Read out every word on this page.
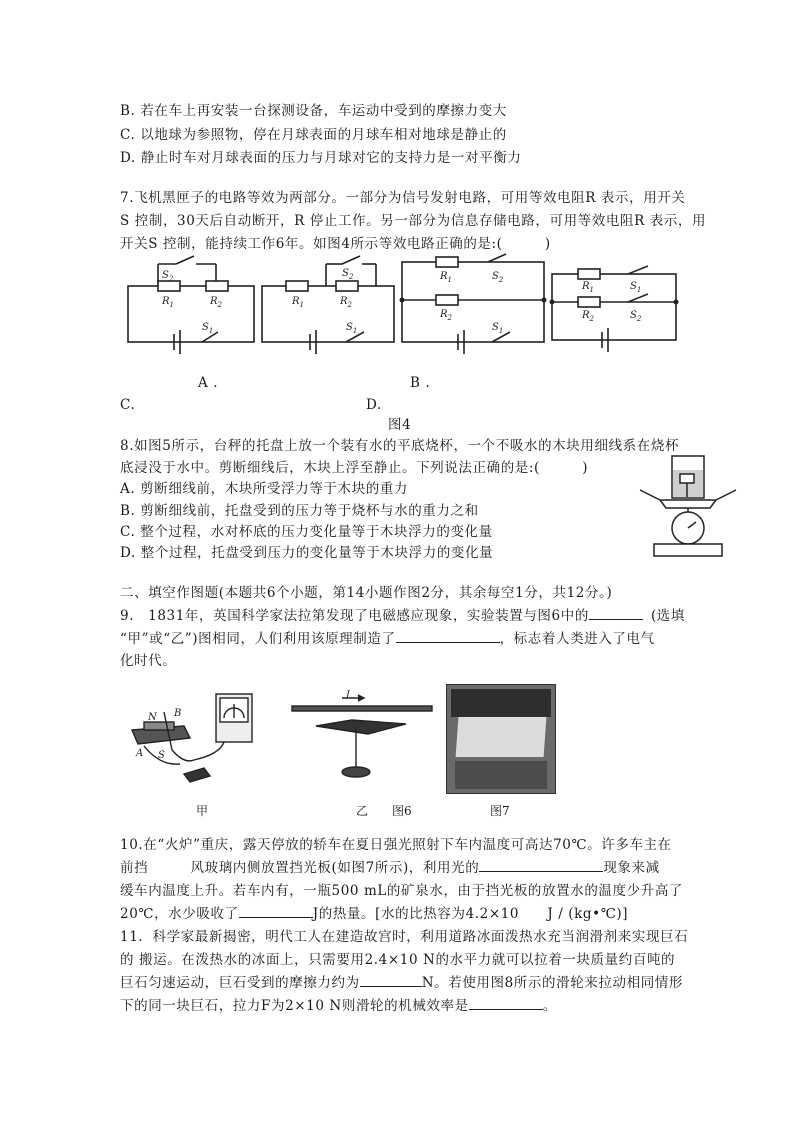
B. 若在车上再安装一台探测设备，车运动中受到的摩擦力变大
C. 以地球为参照物，停在月球表面的月球车相对地球是静止的
D. 静止时车对月球表面的压力与月球对它的支持力是一对平衡力
7.飞机黑匣子的电路等效为两部分。一部分为信号发射电路，可用等效电阻R 表示，用开关
S 控制，30天后自动断开，R 停止工作。另一部分为信息存储电路，可用等效电阻R 表示，用
开关S 控制，能持续工作6年。如图4所示等效电路正确的是:(　　　)
$S_2$
$R_1$	$R_2$
$S_1$
$R_1$
$S_2$
$R_2$
$S_1$
$R_1$	$S_2$
$R_2$
$S_1$
$R_1$	$S_1$
$R_2$	$S_2$
A .	B .
C.	D.
图4
8.如图5所示，台秤的托盘上放一个装有水的平底烧杯，一个不吸水的木块用细线系在烧杯
底浸没于水中。剪断细线后，木块上浮至静止。下列说法正确的是:(　　　)
A. 剪断细线前，木块所受浮力等于木块的重力
B. 剪断细线前，托盘受到的压力等于烧杯与水的重力之和
C. 整个过程，水对杯底的压力变化量等于木块浮力的变化量
D. 整个过程，托盘受到压力的变化量等于木块浮力的变化量
二、填空作图题(本题共6个小题，第14小题作图2分，其余每空1分，共12分。)
9.　1831年，英国科学家法拉第发现了电磁感应现象，实验装置与图6中的	(选填
“甲”或“乙”)图相同，人们利用该原理制造了	，标志着人类进入了电气
化时代。
N B
A S
I
甲	乙 图6	图7
10.在“火炉”重庆，露天停放的轿车在夏日强光照射下车内温度可高达70℃。许多车主在
前挡　　　风玻璃内侧放置挡光板(如图7所示)，利用光的	现象来减
缓车内温度上升。若车内有，一瓶500 mL的矿泉水，由于挡光板的放置水的温度少升高了
20℃，水少吸收了	J的热量。[水的比热容为4.2×10　　J / (kg•℃)]
11．科学家最新揭密，明代工人在建造故宫时，利用道路冰面泼热水充当润滑剂来实现巨石
的 搬运。在泼热水的冰面上，只需要用2.4×10 N的水平力就可以拉着一块质量约百吨的
巨石匀速运动，巨石受到的摩擦力约为	N。若使用图8所示的滑轮来拉动相同情形
下的同一块巨石，拉力F为2×10 N则滑轮的机械效率是	。
